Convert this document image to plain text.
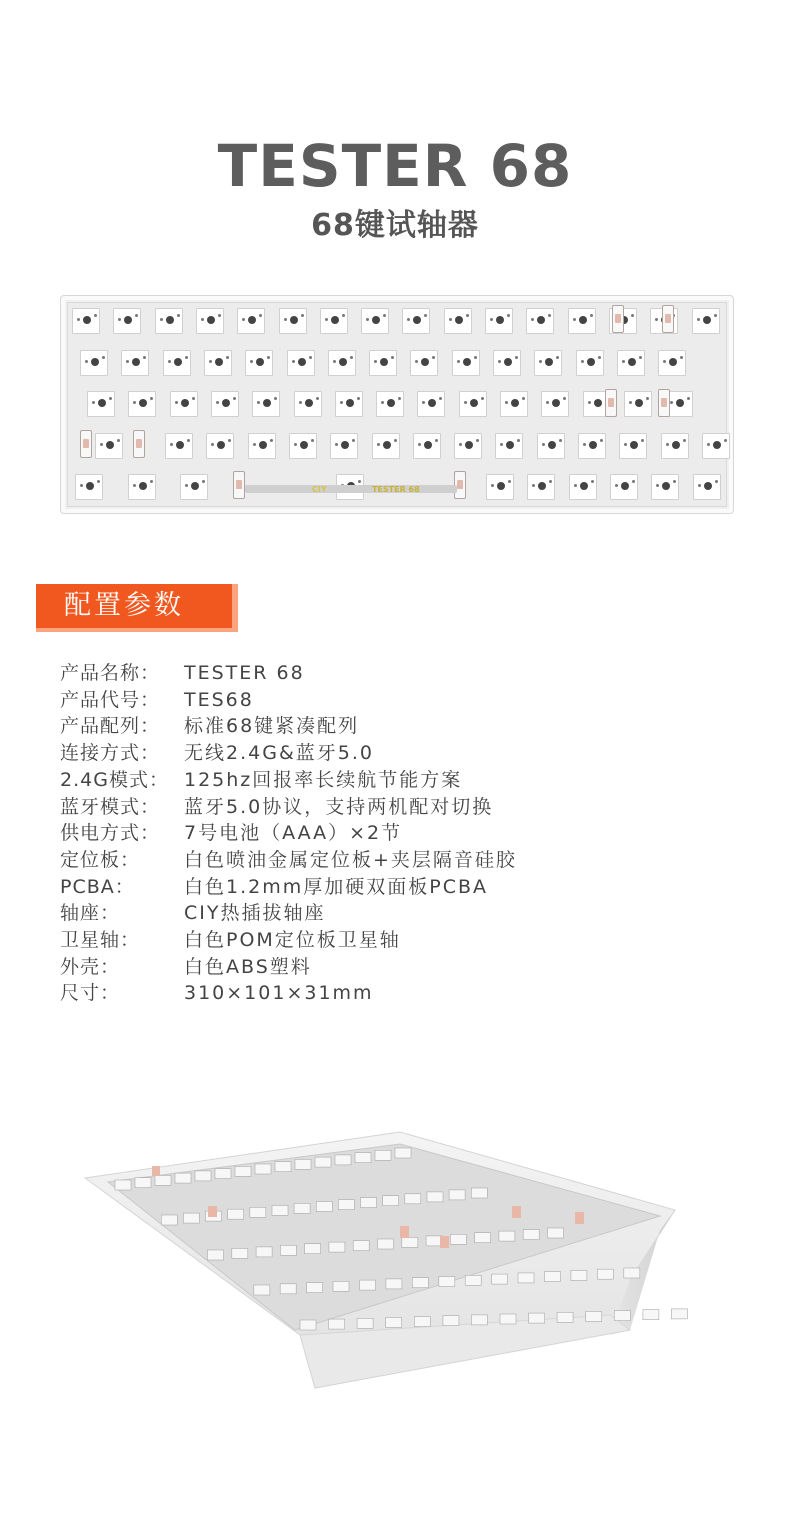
TESTER 68
68键试轴器
CIY	TESTER 68
配置参数
产品名称：	TESTER 68
产品代号：	TES68
产品配列：	标准68键紧凑配列
连接方式：	无线2.4G&蓝牙5.0
2.4G模式： 125hz回报率长续航节能方案
蓝牙模式：	蓝牙5.0协议，支持两机配对切换
供电方式：	7号电池（AAA）×2节
定位板：	白色喷油金属定位板+夹层隔音硅胶
PCBA：	白色1.2mm厚加硬双面板PCBA
轴座：	CIY热插拔轴座
卫星轴：	白色POM定位板卫星轴
外壳：	白色ABS塑料
尺寸：	310×101×31mm
